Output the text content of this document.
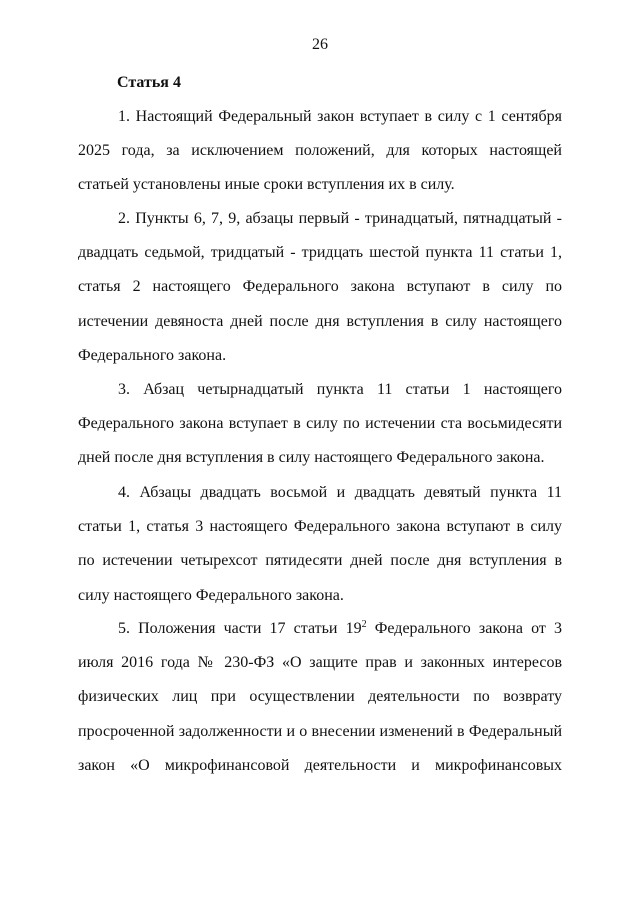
26
Статья 4

1. Настоящий Федеральный закон вступает в силу с 1 сентября 2025 года, за исключением положений, для которых настоящей статьей установлены иные сроки вступления их в силу.

2. Пункты 6, 7, 9, абзацы первый - тринадцатый, пятнадцатый - двадцать седьмой, тридцатый - тридцать шестой пункта 11 статьи 1, статья 2 настоящего Федерального закона вступают в силу по истечении девяноста дней после дня вступления в силу настоящего Федерального закона.

3. Абзац четырнадцатый пункта 11 статьи 1 настоящего Федерального закона вступает в силу по истечении ста восьмидесяти дней после дня вступления в силу настоящего Федерального закона.

4. Абзацы двадцать восьмой и двадцать девятый пункта 11 статьи 1, статья 3 настоящего Федерального закона вступают в силу по истечении четырехсот пятидесяти дней после дня вступления в силу настоящего Федерального закона.

5. Положения части 17 статьи $19^2$ Федерального закона от 3 июля 2016 года № 230-ФЗ «О защите прав и законных интересов физических лиц при осуществлении деятельности по возврату просроченной задолженности и о внесении изменений в Федеральный закон «О микрофинансовой деятельности и микрофинансовых
